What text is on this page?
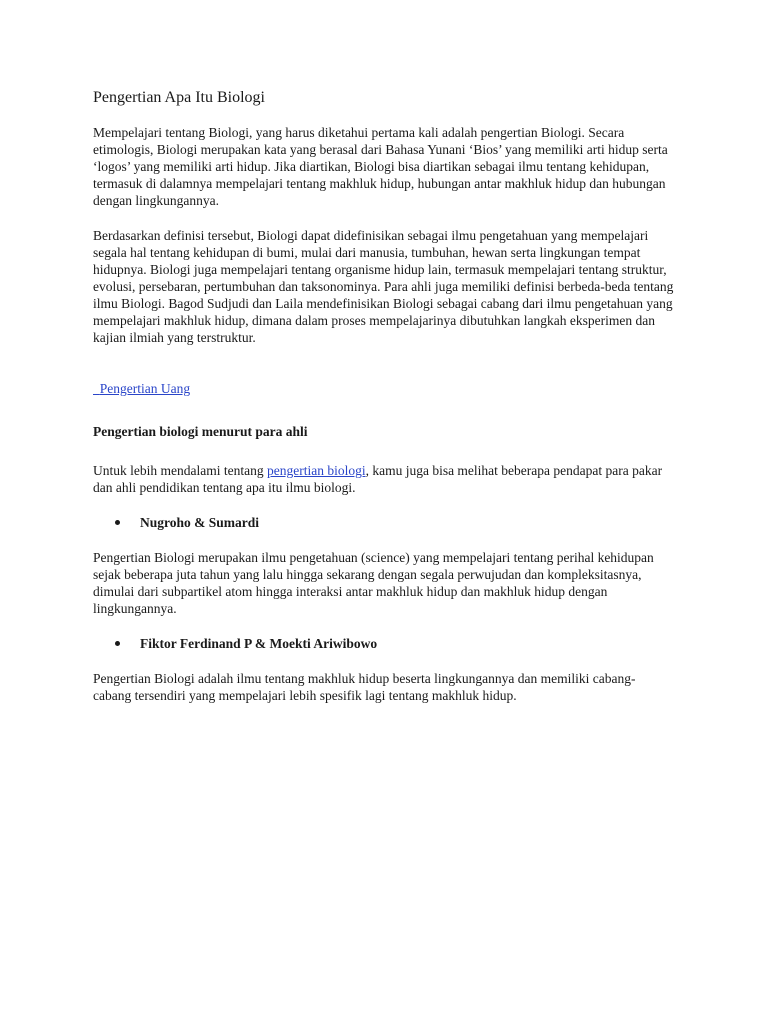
Pengertian Apa Itu Biologi

Mempelajari tentang Biologi, yang harus diketahui pertama kali adalah pengertian Biologi. Secara etimologis, Biologi merupakan kata yang berasal dari Bahasa Yunani ‘Bios’ yang memiliki arti hidup serta ‘logos’ yang memiliki arti hidup. Jika diartikan, Biologi bisa diartikan sebagai ilmu tentang kehidupan, termasuk di dalamnya mempelajari tentang makhluk hidup, hubungan antar makhluk hidup dan hubungan dengan lingkungannya.

Berdasarkan definisi tersebut, Biologi dapat didefinisikan sebagai ilmu pengetahuan yang mempelajari segala hal tentang kehidupan di bumi, mulai dari manusia, tumbuhan, hewan serta lingkungan tempat hidupnya. Biologi juga mempelajari tentang organisme hidup lain, termasuk mempelajari tentang struktur, evolusi, persebaran, pertumbuhan dan taksonominya. Para ahli juga memiliki definisi berbeda-beda tentang ilmu Biologi. Bagod Sudjudi dan Laila mendefinisikan Biologi sebagai cabang dari ilmu pengetahuan yang mempelajari makhluk hidup, dimana dalam proses mempelajarinya dibutuhkan langkah eksperimen dan kajian ilmiah yang terstruktur.

Pengertian Uang

Pengertian biologi menurut para ahli

Untuk lebih mendalami tentang pengertian biologi, kamu juga bisa melihat beberapa pendapat para pakar dan ahli pendidikan tentang apa itu ilmu biologi.

Nugroho & Sumardi

Pengertian Biologi merupakan ilmu pengetahuan (science) yang mempelajari tentang perihal kehidupan sejak beberapa juta tahun yang lalu hingga sekarang dengan segala perwujudan dan kompleksitasnya, dimulai dari subpartikel atom hingga interaksi antar makhluk hidup dan makhluk hidup dengan lingkungannya.

Fiktor Ferdinand P & Moekti Ariwibowo

Pengertian Biologi adalah ilmu tentang makhluk hidup beserta lingkungannya dan memiliki cabang-cabang tersendiri yang mempelajari lebih spesifik lagi tentang makhluk hidup.
